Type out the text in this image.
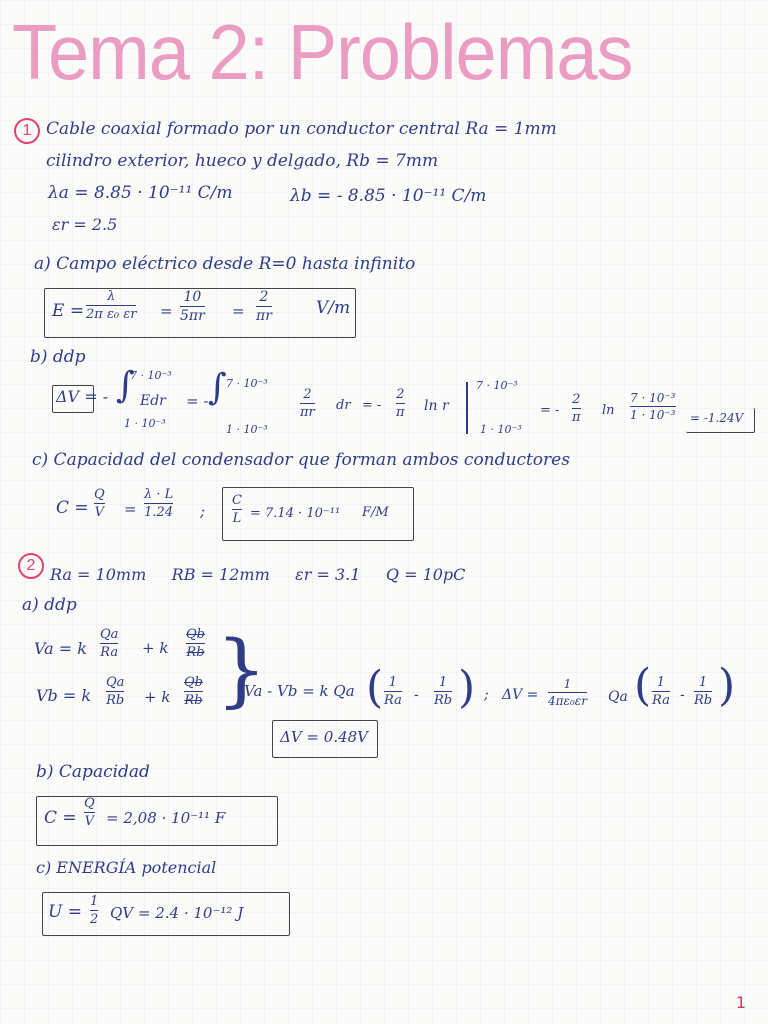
Tema 2: Problemas
1 Cable coaxial formado por un conductor central Ra = 1mm
cilindro exterior, hueco y delgado, Rb = 7mm
λa = 8.85 · 10⁻¹¹ C/m	λb = - 8.85 · 10⁻¹¹ C/m
εr = 2.5
a) Campo eléctrico desde R=0 hasta infinito
E =
λ
2π ε₀ εr =
10
5πr =
2
πr	V/m
b) ddp
ΔV = - ∫
7 · 10⁻³
Edr
1 · 10⁻³
= - ∫ 7 · 10⁻³
1 · 10⁻³
2
πr dr = -
2
π ln r
7 · 10⁻³
1 · 10⁻³
= -
2
π ln
7 · 10⁻³
1 · 10⁻³ = -1.24V
c) Capacidad del condensador que forman ambos conductores
C =
Q
V =
λ · L
1.24 ;
C
L = 7.14 · 10⁻¹¹ F/M
2 Ra = 10mm     RB = 12mm     εr = 3.1     Q = 10pC
a) ddp
Va = k
Qa
Ra + k
Qb
Rb
Vb = k
Qa
Rb + k
Qb
Rb }
Va - Vb = k Qa ( 1
Ra -
1
Rb ) ; ΔV =
1
4πε₀εr Qa ( 1
Ra -
1
Rb )
ΔV = 0.48V
b) Capacidad
C =
Q
V = 2,08 · 10⁻¹¹ F
c) ENERGÍA potencial
U =
1
2 QV = 2.4 · 10⁻¹² J
1
